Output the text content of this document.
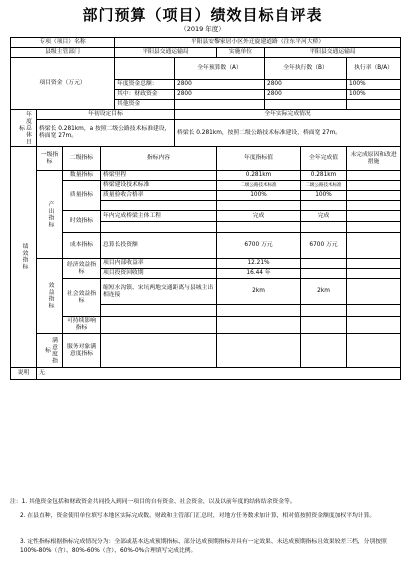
部门预算（项目）绩效目标自评表
（2019 年度）
专项（项目）名称				平阳县安黎家居小区外迁旋建道路（注东平河大桥）					
县级主管部门				平阳县交通运输局		实施单位	平阳县交通运输局		
项目资金（万元）					全年预算数（A）		全年执行数（B）		执行率（B/A）
				年度资金总额：	2800		2800		100%
				其中：财政资金	2800		2800		100%
				其他资金					

年度总体目标	年初设定目标				全年实际完成情况				
	桥梁长 0.281km，a 按照二级公路技术标准建设，桥面宽 27m。				桥梁长 0.281km，按照二级公路技术标准建设，桥面宽 27m。				

绩效指标	一级指标	二级指标	指标内容			年度指标值		全年完成值	未完成原因和改进措施

	产出指标	数量指标	桥梁里程			0.281km		0.281km	
		质量指标	桥梁建设技术标准			二级公路技术标准		二级公路技术标准	
			质量验收合格率			100%		100%	

		时效指标	年内完成桥梁主体工程			完成		完成	

		成本指标	总算长投资额			6700 万元		6700 万元	

	效益指标	经济效益指标	项目内部收益率			12.21%			
			项目投资回收期			16.44 年			
		社会效益指标	缩短水沟镇、宋坑两地交通距离与县城主出相连接			2km		2km	

		可持续影响指标							

	满意度指标	服务对象满意度指标							
说明	无								
注：1. 其他资金包括和财政资金共同投入到同一项目的自有资金、社会资金，以及以前年度的结转结余资金等。
2. 在县直种，资金使用单位填写本地区实际完成数。财政和主管部门汇总时，对地方任务数求加计算，相对值按照资金额度加权平均计算。
3. 定性指标根据指标完成情况分为：全部或基本达成预期指标、部分达成预期指标并具有一定效果、未达成预期指标且效果较差三档，分别按照 100%-80%（含）、80%-60%（含）、60%-0%合理填写完成比例。
